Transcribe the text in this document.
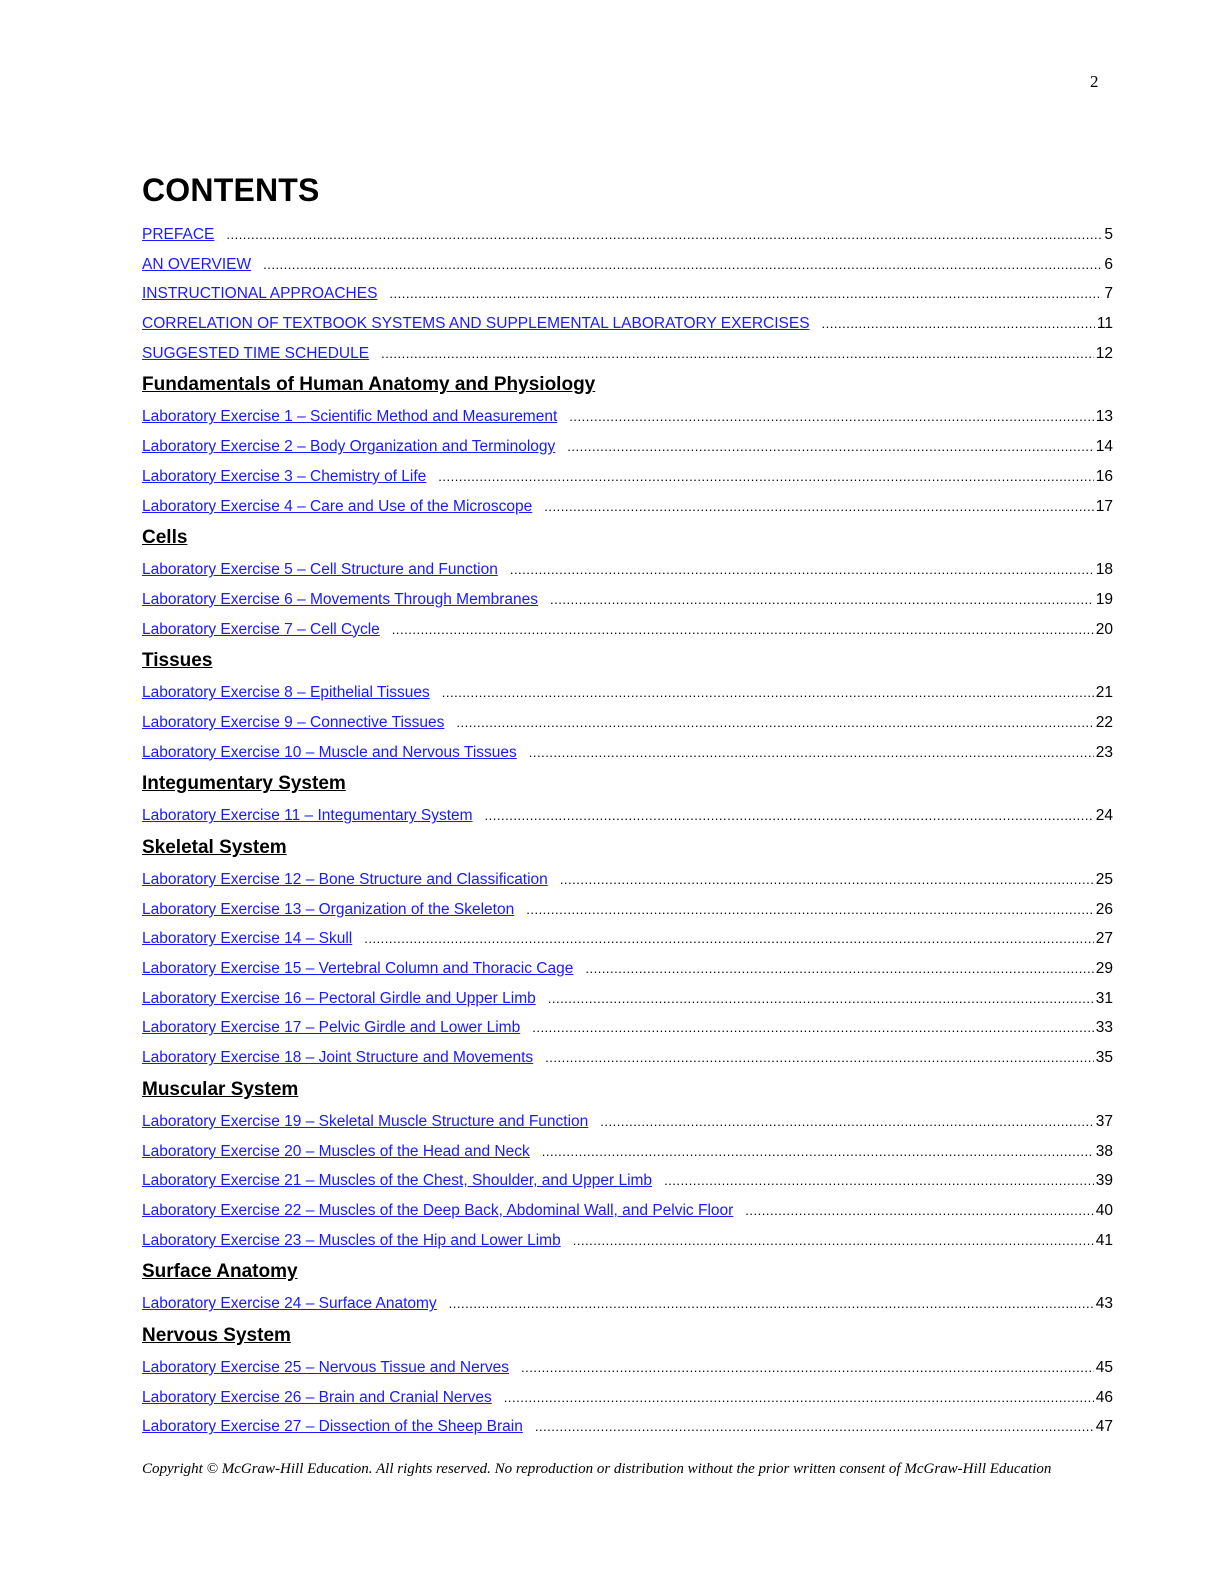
2
CONTENTS
PREFACE .....	5
AN OVERVIEW .....	6
INSTRUCTIONAL APPROACHES .....	7
CORRELATION OF TEXTBOOK SYSTEMS AND SUPPLEMENTAL LABORATORY EXERCISES .....	11
SUGGESTED TIME SCHEDULE .....	12
Fundamentals of Human Anatomy and Physiology
Laboratory Exercise 1 – Scientific Method and Measurement .....	13
Laboratory Exercise 2 – Body Organization and Terminology .....	14
Laboratory Exercise 3 – Chemistry of Life .....	16
Laboratory Exercise 4 – Care and Use of the Microscope .....	17
Cells
Laboratory Exercise 5 – Cell Structure and Function .....	18
Laboratory Exercise 6 – Movements Through Membranes .....	19
Laboratory Exercise 7 – Cell Cycle .....	20
Tissues
Laboratory Exercise 8 – Epithelial Tissues .....	21
Laboratory Exercise 9 – Connective Tissues .....	22
Laboratory Exercise 10 – Muscle and Nervous Tissues .....	23
Integumentary System
Laboratory Exercise 11 – Integumentary System .....	24
Skeletal System
Laboratory Exercise 12 – Bone Structure and Classification .....	25
Laboratory Exercise 13 – Organization of the Skeleton .....	26
Laboratory Exercise 14 – Skull .....	27
Laboratory Exercise 15 – Vertebral Column and Thoracic Cage .....	29
Laboratory Exercise 16 – Pectoral Girdle and Upper Limb .....	31
Laboratory Exercise 17 – Pelvic Girdle and Lower Limb .....	33
Laboratory Exercise 18 – Joint Structure and Movements .....	35
Muscular System
Laboratory Exercise 19 – Skeletal Muscle Structure and Function .....	37
Laboratory Exercise 20 – Muscles of the Head and Neck .....	38
Laboratory Exercise 21 – Muscles of the Chest, Shoulder, and Upper Limb .....	39
Laboratory Exercise 22 – Muscles of the Deep Back, Abdominal Wall, and Pelvic Floor .....	40
Laboratory Exercise 23 – Muscles of the Hip and Lower Limb .....	41
Surface Anatomy
Laboratory Exercise 24 – Surface Anatomy .....	43
Nervous System
Laboratory Exercise 25 – Nervous Tissue and Nerves .....	45
Laboratory Exercise 26 – Brain and Cranial Nerves .....	46
Laboratory Exercise 27 – Dissection of the Sheep Brain .....	47
Copyright © McGraw-Hill Education. All rights reserved. No reproduction or distribution without the prior written consent of McGraw-Hill Education
